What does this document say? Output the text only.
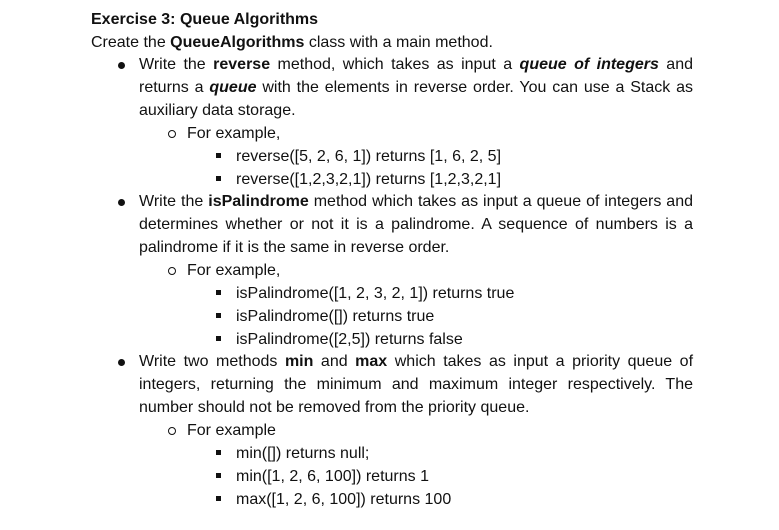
Exercise 3: Queue Algorithms
Create the QueueAlgorithms class with a main method.
Write the reverse method, which takes as input a queue of integers and returns a queue with the elements in reverse order. You can use a Stack as auxiliary data storage.
For example,
reverse([5, 2, 6, 1]) returns [1, 6, 2, 5]
reverse([1,2,3,2,1]) returns [1,2,3,2,1]
Write the isPalindrome method which takes as input a queue of integers and determines whether or not it is a palindrome. A sequence of numbers is a palindrome if it is the same in reverse order.
For example,
isPalindrome([1, 2, 3, 2, 1]) returns true
isPalindrome([]) returns true
isPalindrome([2,5]) returns false
Write two methods min and max which takes as input a priority queue of integers, returning the minimum and maximum integer respectively. The number should not be removed from the priority queue.
For example
min([]) returns null;
min([1, 2, 6, 100]) returns 1
max([1, 2, 6, 100]) returns 100
